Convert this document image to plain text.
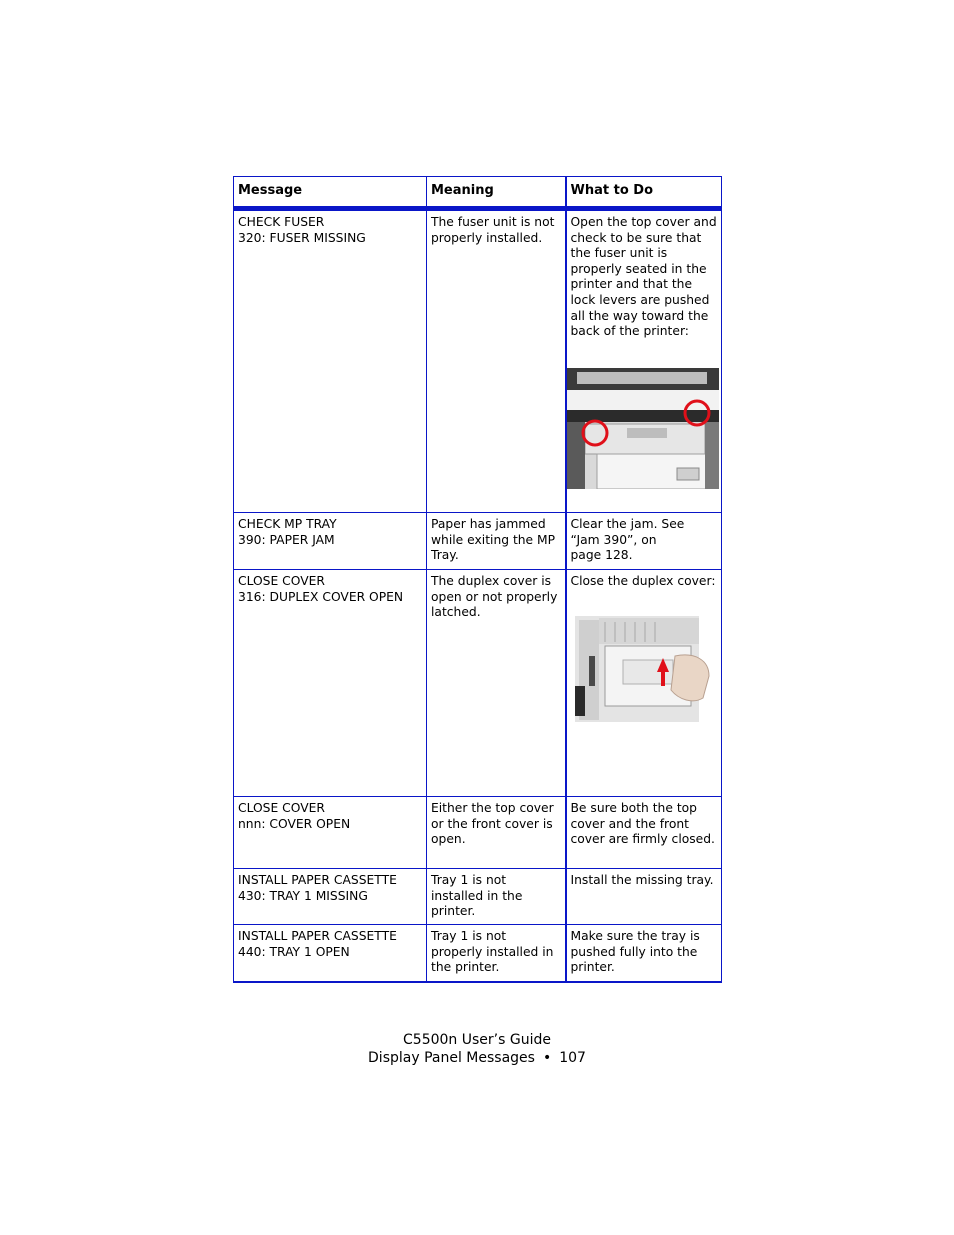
Message	Meaning	What to Do

CHECK FUSER
320: FUSER MISSING	The fuser unit is not properly installed.	Open the top cover and check to be sure that the fuser unit is properly seated in the printer and that the lock levers are pushed all the way toward the back of the printer:

CHECK MP TRAY
390: PAPER JAM	Paper has jammed while exiting the MP Tray.	Clear the jam. See
“Jam 390”, on
page 128.

CLOSE COVER
316: DUPLEX COVER OPEN	The duplex cover is open or not properly latched.	Close the duplex cover:

CLOSE COVER
nnn: COVER OPEN	Either the top cover or the front cover is open.	Be sure both the top cover and the front cover are firmly closed.

INSTALL PAPER CASSETTE
430: TRAY 1 MISSING	Tray 1 is not installed in the printer.	Install the missing tray.

INSTALL PAPER CASSETTE
440: TRAY 1 OPEN	Tray 1 is not properly installed in the printer.	Make sure the tray is pushed fully into the printer.
C5500n User’s Guide
Display Panel Messages • 107
